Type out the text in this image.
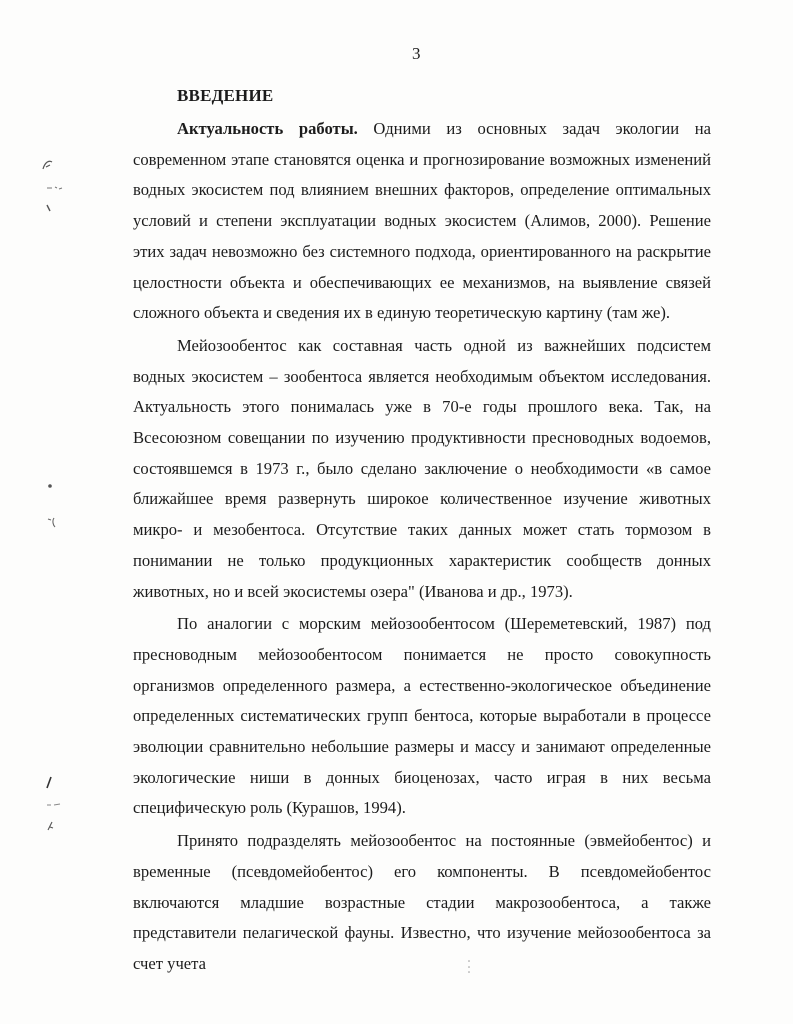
3
ВВЕДЕНИЕ

Актуальность работы. Одними из основных задач экологии на современном этапе становятся оценка и прогнозирование возможных изменений водных экосистем под влиянием внешних факторов, определение оптимальных условий и степени эксплуатации водных экосистем (Алимов, 2000). Решение этих задач невозможно без системного подхода, ориентированного на раскрытие целостности объекта и обеспечивающих ее механизмов, на выявление связей сложного объекта и сведения их в единую теоретическую картину (там же).

Мейозообентос как составная часть одной из важнейших подсистем водных экосистем – зообентоса является необходимым объектом исследования. Актуальность этого понималась уже в 70-е годы прошлого века. Так, на Всесоюзном совещании по изучению продуктивности пресноводных водоемов, состоявшемся в 1973 г., было сделано заключение о необходимости «в самое ближайшее время развернуть широкое количественное изучение животных микро- и мезобентоса. Отсутствие таких данных может стать тормозом в понимании не только продукционных характеристик сообществ донных животных, но и всей экосистемы озера" (Иванова и др., 1973).

По аналогии с морским мейозообентосом (Шереметевский, 1987) под пресноводным мейозообентосом понимается не просто совокупность организмов определенного размера, а естественно-экологическое объединение определенных систематических групп бентоса, которые выработали в процессе эволюции сравнительно небольшие размеры и массу и занимают определенные экологические ниши в донных биоценозах, часто играя в них весьма специфическую роль (Курашов, 1994).

Принято подразделять мейозообентос на постоянные (эвмейобентос) и временные (псевдомейобентос) его компоненты. В псевдомейобентос включаются младшие возрастные стадии макрозообентоса, а также представители пелагической фауны. Известно, что изучение мейозообентоса за счет учета
